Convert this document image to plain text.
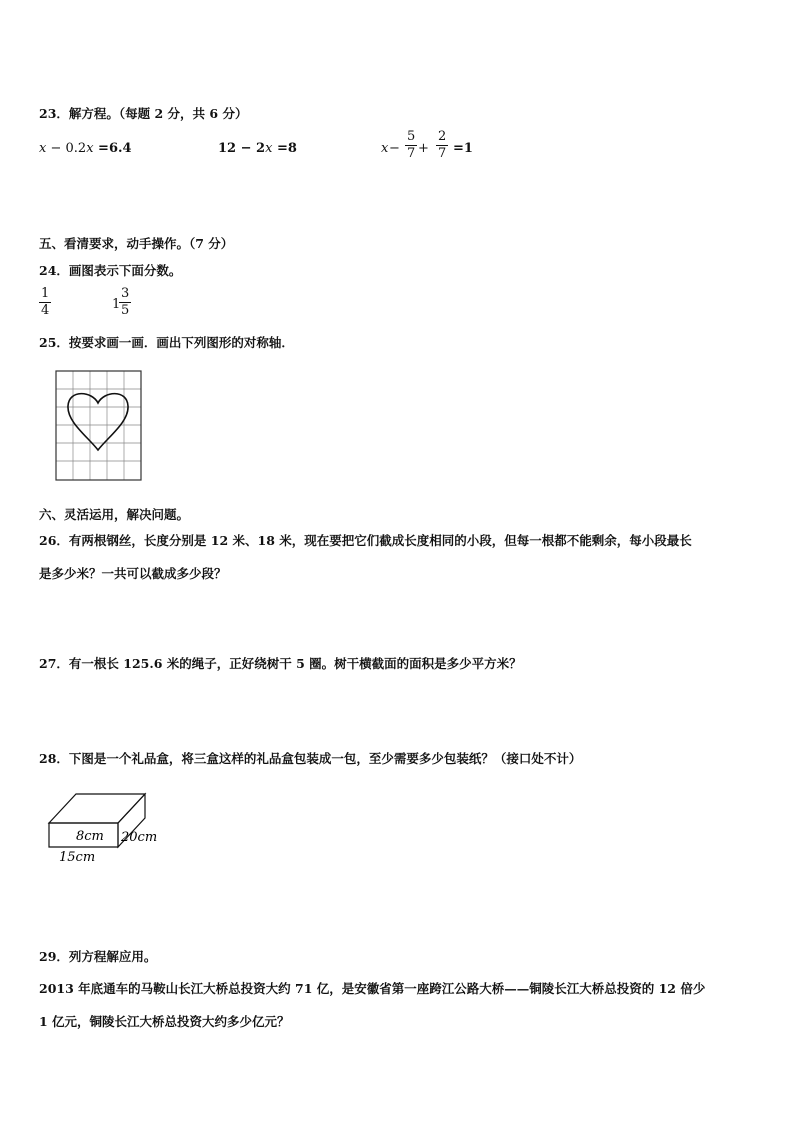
23．解方程。（每题 2 分，共 6 分）
x − 0.2x =6.4	12 − 2x =8	$x - \frac{5}{7} + \frac{2}{7} =1$
五、看清要求，动手操作。（7 分）
24．画图表示下面分数。
$\frac{1}{4}$	1
$\frac{3}{5}$
25．按要求画一画．画出下列图形的对称轴．
六、灵活运用，解决问题。
26．有两根钢丝，长度分别是 12 米、18 米，现在要把它们截成长度相同的小段，但每一根都不能剩余，每小段最长
是多少米？一共可以截成多少段？
27．有一根长 125.6 米的绳子，正好绕树干 5 圈。树干横截面的面积是多少平方米？
28．下图是一个礼品盒，将三盒这样的礼品盒包装成一包，至少需要多少包装纸？（接口处不计）
8cm 20cm
15cm
29．列方程解应用。
2013 年底通车的马鞍山长江大桥总投资大约 71 亿，是安徽省第一座跨江公路大桥——铜陵长江大桥总投资的 12 倍少
1 亿元，铜陵长江大桥总投资大约多少亿元？
